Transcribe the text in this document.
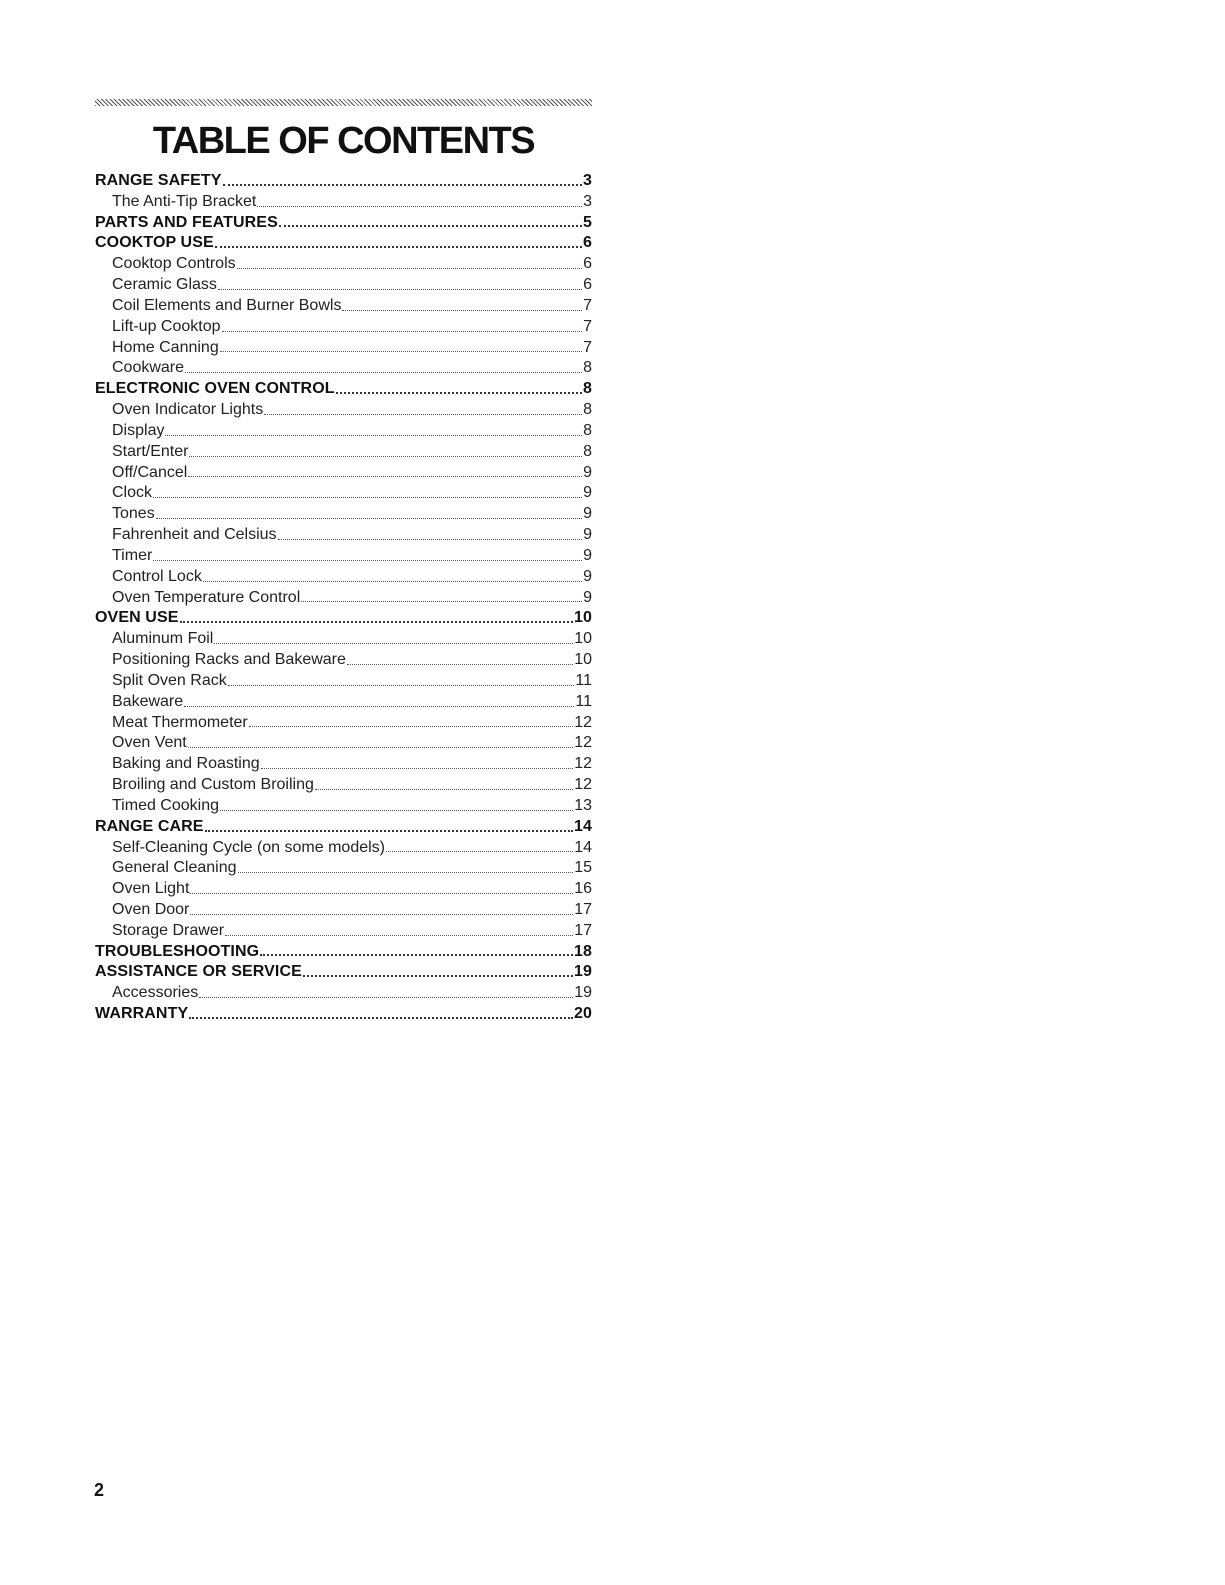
TABLE OF CONTENTS
RANGE SAFETY	3
The Anti-Tip Bracket	3
PARTS AND FEATURES	5
COOKTOP USE	6
Cooktop Controls	6
Ceramic Glass	6
Coil Elements and Burner Bowls	7
Lift-up Cooktop	7
Home Canning	7
Cookware	8
ELECTRONIC OVEN CONTROL	8
Oven Indicator Lights	8
Display	8
Start/Enter	8
Off/Cancel	9
Clock	9
Tones	9
Fahrenheit and Celsius	9
Timer	9
Control Lock	9
Oven Temperature Control	9
OVEN USE	10
Aluminum Foil	10
Positioning Racks and Bakeware	10
Split Oven Rack	11
Bakeware	11
Meat Thermometer	12
Oven Vent	12
Baking and Roasting	12
Broiling and Custom Broiling	12
Timed Cooking	13
RANGE CARE	14
Self-Cleaning Cycle (on some models)	14
General Cleaning	15
Oven Light	16
Oven Door	17
Storage Drawer	17
TROUBLESHOOTING	18
ASSISTANCE OR SERVICE	19
Accessories	19
WARRANTY	20
2
